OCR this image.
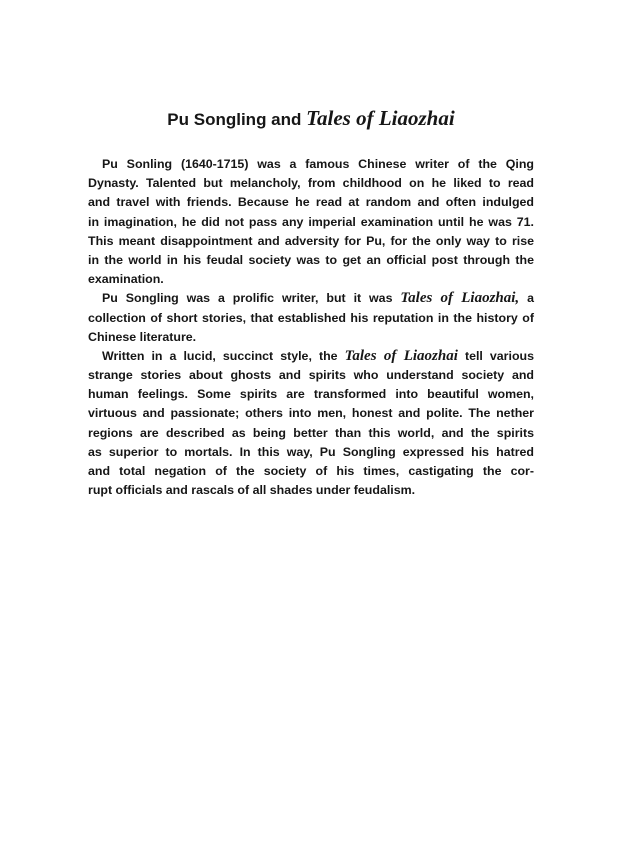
Pu Songling and Tales of Liaozhai
Pu Sonling (1640-1715) was a famous Chinese writer of the Qing
Dynasty. Talented but melancholy, from childhood on he liked to read
and travel with friends. Because he read at random and often indulged
in imagination, he did not pass any imperial examination until he was 71.
This meant disappointment and adversity for Pu, for the only way to rise
in the world in his feudal society was to get an official post through the
examination.
Pu Songling was a prolific writer, but it was Tales of Liaozhai, a
collection of short stories, that established his reputation in the history of
Chinese literature.
Written in a lucid, succinct style, the Tales of Liaozhai tell various
strange stories about ghosts and spirits who understand society and
human feelings. Some spirits are transformed into beautiful women,
virtuous and passionate; others into men, honest and polite. The nether
regions are described as being better than this world, and the spirits
as superior to mortals. In this way, Pu Songling expressed his hatred
and total negation of the society of his times, castigating the cor-
rupt officials and rascals of all shades under feudalism.
